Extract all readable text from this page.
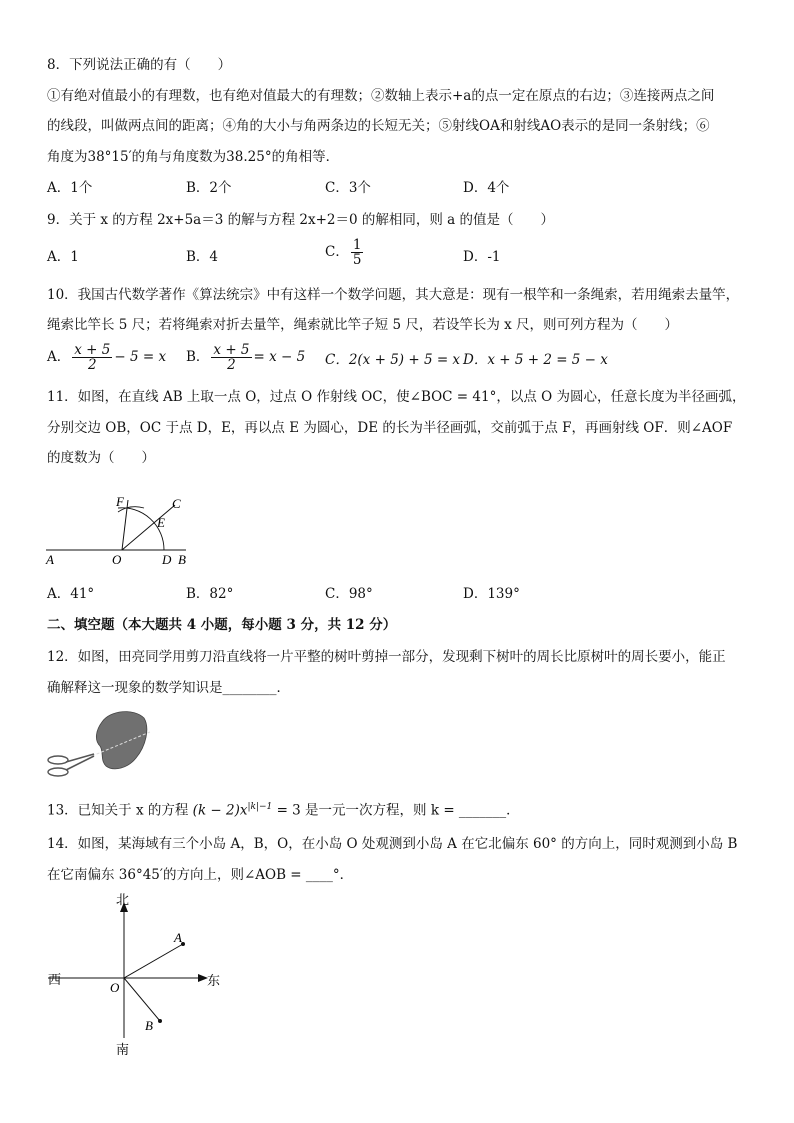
8．下列说法正确的有（　　）
①有绝对值最小的有理数，也有绝对值最大的有理数；②数轴上表示+a的点一定在原点的右边；③连接两点之间
的线段，叫做两点间的距离；④角的大小与角两条边的长短无关；⑤射线OA和射线AO表示的是同一条射线；⑥
角度为38°15′的角与角度数为38.25°的角相等．
A．1个	B．2个	C．3个	D．4个
9．关于 x 的方程 2x+5a＝3 的解与方程 2x+2＝0 的解相同，则 a 的值是（　　）
A．1	B．4	C． $\frac{1}{5}$	D．-1
10．我国古代数学著作《算法统宗》中有这样一个数学问题，其大意是：现有一根竿和一条绳索，若用绳索去量竿，
绳索比竿长 5 尺；若将绳索对折去量竿，绳索就比竿子短 5 尺，若设竿长为 x 尺，则可列方程为（　　）
A． $\frac{x + 5}{2} - 5 = x$ B． $\frac{x + 5}{2} = x - 5$ C．2(x + 5) + 5 = x D．x + 5 + 2 = 5 − x
11．如图，在直线 AB 上取一点 O，过点 O 作射线 OC，使∠BOC = 41°，以点 O 为圆心，任意长度为半径画弧，
分别交边 OB，OC 于点 D，E，再以点 E 为圆心，DE 的长为半径画弧，交前弧于点 F，再画射线 OF．则∠AOF
的度数为（　　）
F	C
E
A	O	D B
A．41°	B．82°	C．98°	D．139°
二、填空题（本大题共 4 小题，每小题 3 分，共 12 分）
12．如图，田亮同学用剪刀沿直线将一片平整的树叶剪掉一部分，发现剩下树叶的周长比原树叶的周长要小，能正
确解释这一现象的数学知识是________．
13．已知关于 x 的方程 $(k - 2)x^{|k|-1} = 3$ 是一元一次方程，则 k = _______．
14．如图，某海域有三个小岛 A，B，O，在小岛 O 处观测到小岛 A 在它北偏东 60° 的方向上，同时观测到小岛 B
在它南偏东 36°45′的方向上，则∠AOB = ____°．
北
南
西	东
A
B
O
